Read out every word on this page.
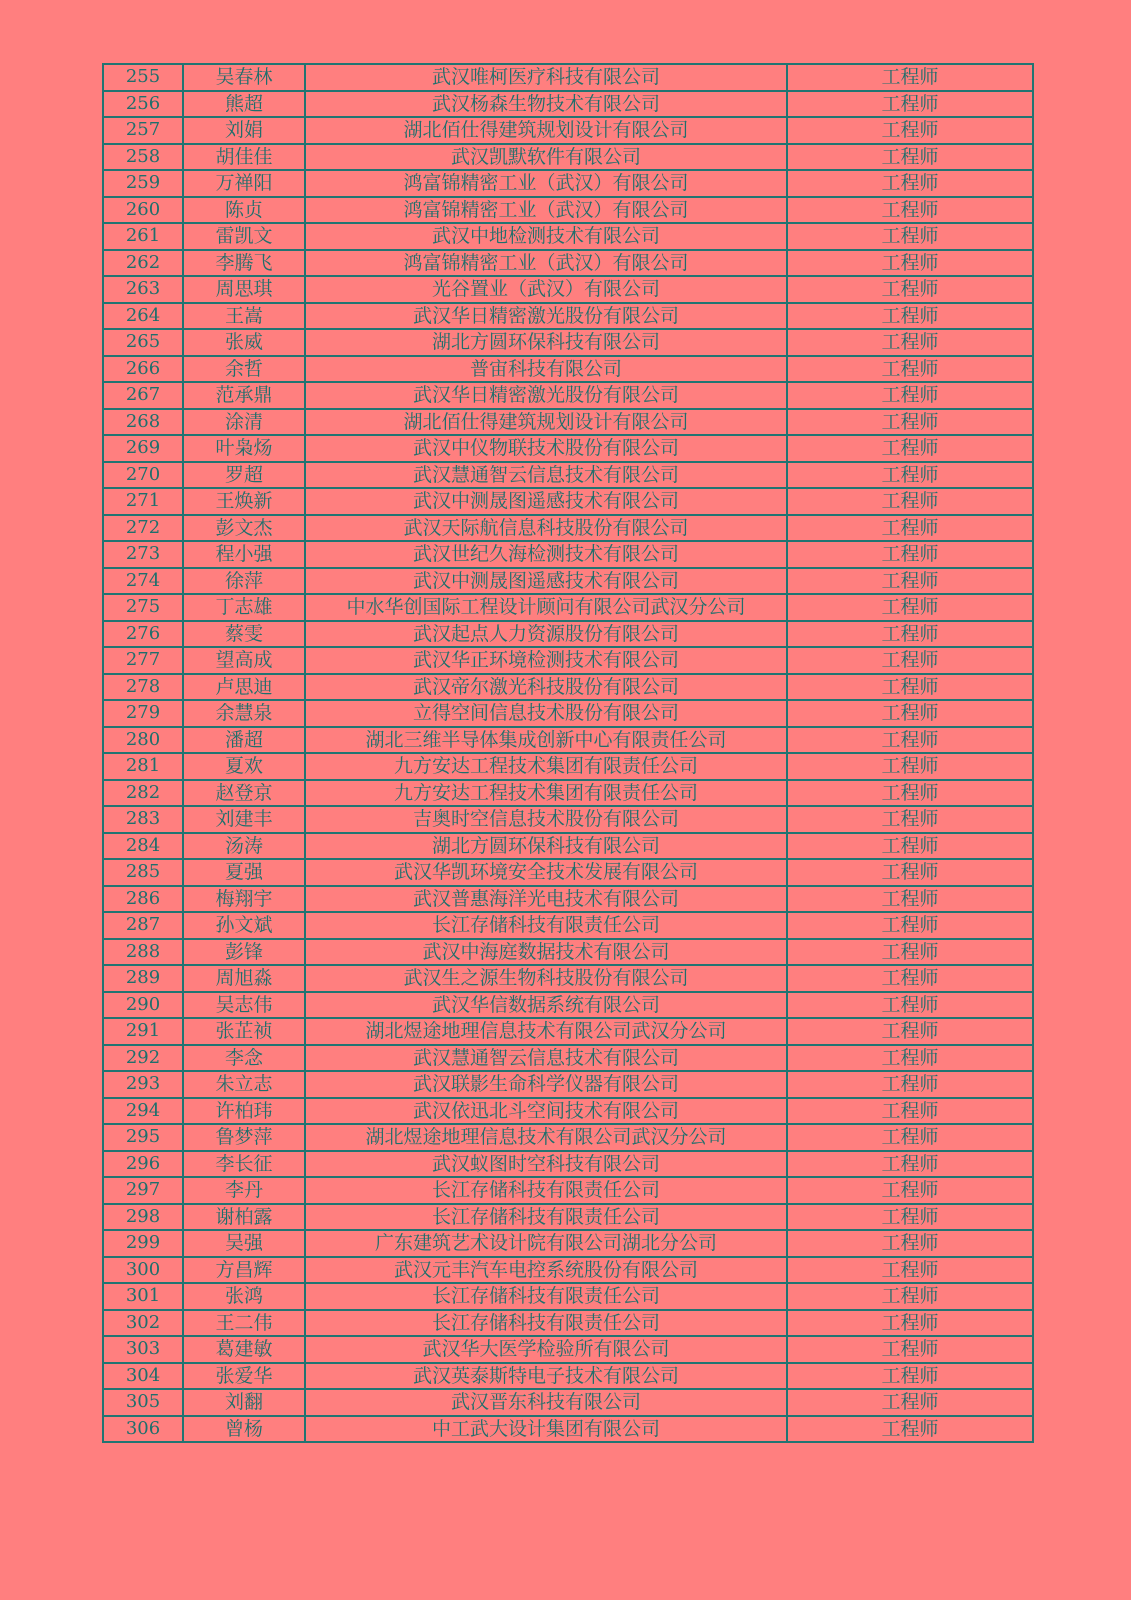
255	吴春林	武汉唯柯医疗科技有限公司	工程师
256	熊超	武汉杨森生物技术有限公司	工程师
257	刘娟	湖北佰仕得建筑规划设计有限公司	工程师
258	胡佳佳	武汉凯默软件有限公司	工程师
259	万禅阳	鸿富锦精密工业（武汉）有限公司	工程师
260	陈贞	鸿富锦精密工业（武汉）有限公司	工程师
261	雷凯文	武汉中地检测技术有限公司	工程师
262	李腾飞	鸿富锦精密工业（武汉）有限公司	工程师
263	周思琪	光谷置业（武汉）有限公司	工程师
264	王嵩	武汉华日精密激光股份有限公司	工程师
265	张威	湖北方圆环保科技有限公司	工程师
266	余哲	普宙科技有限公司	工程师
267	范承鼎	武汉华日精密激光股份有限公司	工程师
268	涂清	湖北佰仕得建筑规划设计有限公司	工程师
269	叶枭炀	武汉中仪物联技术股份有限公司	工程师
270	罗超	武汉慧通智云信息技术有限公司	工程师
271	王焕新	武汉中测晟图遥感技术有限公司	工程师
272	彭文杰	武汉天际航信息科技股份有限公司	工程师
273	程小强	武汉世纪久海检测技术有限公司	工程师
274	徐萍	武汉中测晟图遥感技术有限公司	工程师
275	丁志雄	中水华创国际工程设计顾问有限公司武汉分公司	工程师
276	蔡雯	武汉起点人力资源股份有限公司	工程师
277	望高成	武汉华正环境检测技术有限公司	工程师
278	卢思迪	武汉帝尔激光科技股份有限公司	工程师
279	余慧泉	立得空间信息技术股份有限公司	工程师
280	潘超	湖北三维半导体集成创新中心有限责任公司	工程师
281	夏欢	九方安达工程技术集团有限责任公司	工程师
282	赵登京	九方安达工程技术集团有限责任公司	工程师
283	刘建丰	吉奥时空信息技术股份有限公司	工程师
284	汤涛	湖北方圆环保科技有限公司	工程师
285	夏强	武汉华凯环境安全技术发展有限公司	工程师
286	梅翔宇	武汉普惠海洋光电技术有限公司	工程师
287	孙文斌	长江存储科技有限责任公司	工程师
288	彭锋	武汉中海庭数据技术有限公司	工程师
289	周旭淼	武汉生之源生物科技股份有限公司	工程师
290	吴志伟	武汉华信数据系统有限公司	工程师
291	张芷祯	湖北煜途地理信息技术有限公司武汉分公司	工程师
292	李念	武汉慧通智云信息技术有限公司	工程师
293	朱立志	武汉联影生命科学仪器有限公司	工程师
294	许柏玮	武汉依迅北斗空间技术有限公司	工程师
295	鲁梦萍	湖北煜途地理信息技术有限公司武汉分公司	工程师
296	李长征	武汉蚁图时空科技有限公司	工程师
297	李丹	长江存储科技有限责任公司	工程师
298	谢柏露	长江存储科技有限责任公司	工程师
299	吴强	广东建筑艺术设计院有限公司湖北分公司	工程师
300	方昌辉	武汉元丰汽车电控系统股份有限公司	工程师
301	张鸿	长江存储科技有限责任公司	工程师
302	王二伟	长江存储科技有限责任公司	工程师
303	葛建敏	武汉华大医学检验所有限公司	工程师
304	张爱华	武汉英泰斯特电子技术有限公司	工程师
305	刘翻	武汉晋东科技有限公司	工程师
306	曾杨	中工武大设计集团有限公司	工程师
